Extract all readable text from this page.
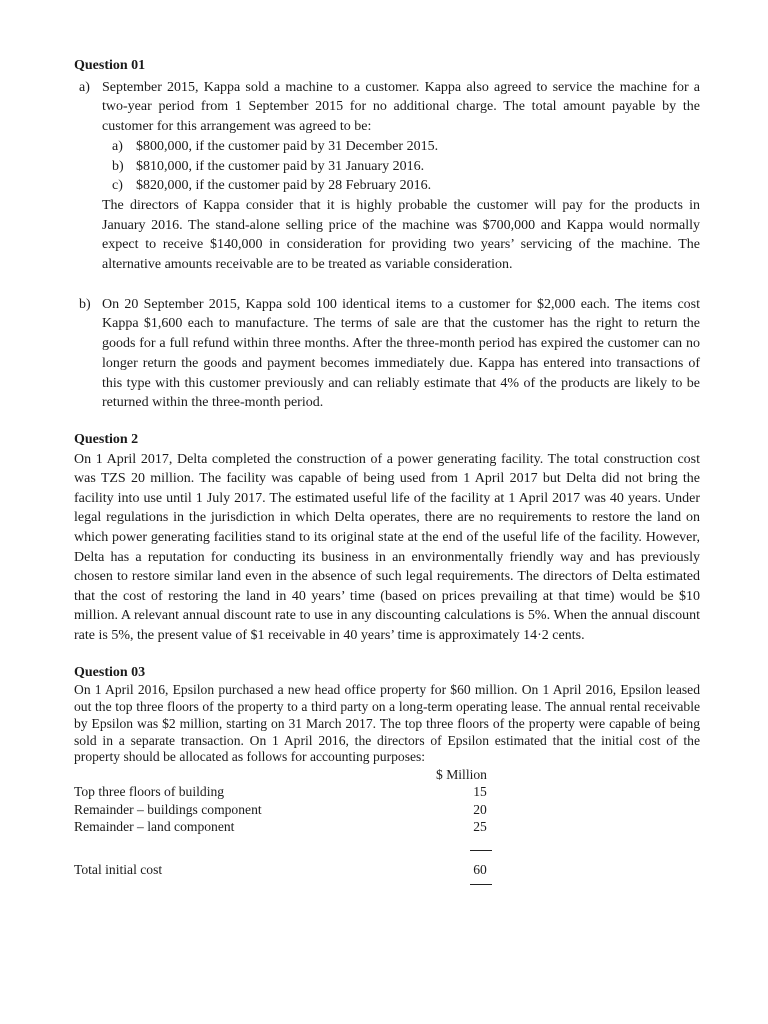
Question 01

a) September 2015, Kappa sold a machine to a customer. Kappa also agreed to service the machine for a two-year period from 1 September 2015 for no additional charge. The total amount payable by the customer for this arrangement was agreed to be:
a) $800,000, if the customer paid by 31 December 2015.
b) $810,000, if the customer paid by 31 January 2016.
c) $820,000, if the customer paid by 28 February 2016.
The directors of Kappa consider that it is highly probable the customer will pay for the products in January 2016. The stand-alone selling price of the machine was $700,000 and Kappa would normally expect to receive $140,000 in consideration for providing two years’ servicing of the machine. The alternative amounts receivable are to be treated as variable consideration.
b) On 20 September 2015, Kappa sold 100 identical items to a customer for $2,000 each. The items cost Kappa $1,600 each to manufacture. The terms of sale are that the customer has the right to return the goods for a full refund within three months. After the three-month period has expired the customer can no longer return the goods and payment becomes immediately due. Kappa has entered into transactions of this type with this customer previously and can reliably estimate that 4% of the products are likely to be returned within the three-month period.

Question 2

On 1 April 2017, Delta completed the construction of a power generating facility. The total construction cost was TZS 20 million. The facility was capable of being used from 1 April 2017 but Delta did not bring the facility into use until 1 July 2017. The estimated useful life of the facility at 1 April 2017 was 40 years. Under legal regulations in the jurisdiction in which Delta operates, there are no requirements to restore the land on which power generating facilities stand to its original state at the end of the useful life of the facility. However, Delta has a reputation for conducting its business in an environmentally friendly way and has previously chosen to restore similar land even in the absence of such legal requirements. The directors of Delta estimated that the cost of restoring the land in 40 years’ time (based on prices prevailing at that time) would be $10 million. A relevant annual discount rate to use in any discounting calculations is 5%. When the annual discount rate is 5%, the present value of $1 receivable in 40 years’ time is approximately 14·2 cents.

Question 03

On 1 April 2016, Epsilon purchased a new head office property for $60 million. On 1 April 2016, Epsilon leased out the top three floors of the property to a third party on a long-term operating lease. The annual rental receivable by Epsilon was $2 million, starting on 31 March 2017. The top three floors of the property were capable of being sold in a separate transaction. On 1 April 2016, the directors of Epsilon estimated that the initial cost of the property should be allocated as follows for accounting purposes:

$ Million
Top three floors of building	15
Remainder – buildings component	20
Remainder – land component	25
Total initial cost	60
